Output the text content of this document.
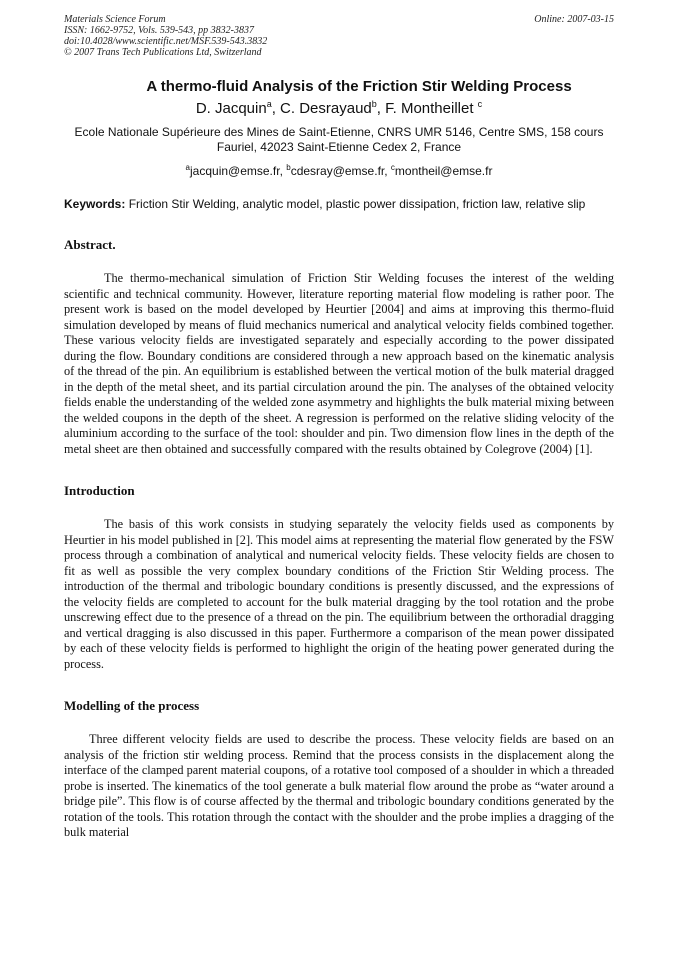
Materials Science Forum
ISSN: 1662-9752, Vols. 539-543, pp 3832-3837
doi:10.4028/www.scientific.net/MSF.539-543.3832
© 2007 Trans Tech Publications Ltd, Switzerland
Online: 2007-03-15
A thermo-fluid Analysis of the Friction Stir Welding Process
D. Jacquin$^a$, C. Desrayaud$^b$, F. Montheillet $^c$
Ecole Nationale Supérieure des Mines de Saint-Etienne, CNRS UMR 5146, Centre SMS, 158 cours Fauriel, 42023 Saint-Etienne Cedex 2, France
$^a$jacquin@emse.fr, $^b$cdesray@emse.fr, $^c$montheil@emse.fr
Keywords: Friction Stir Welding, analytic model, plastic power dissipation, friction law, relative slip
Abstract.

The thermo-mechanical simulation of Friction Stir Welding focuses the interest of the welding scientific and technical community. However, literature reporting material flow modeling is rather poor. The present work is based on the model developed by Heurtier [2004] and aims at improving this thermo-fluid simulation developed by means of fluid mechanics numerical and analytical velocity fields combined together. These various velocity fields are investigated separately and especially according to the power dissipated during the flow. Boundary conditions are considered through a new approach based on the kinematic analysis of the thread of the pin. An equilibrium is established between the vertical motion of the bulk material dragged in the depth of the metal sheet, and its partial circulation around the pin. The analyses of the obtained velocity fields enable the understanding of the welded zone asymmetry and highlights the bulk material mixing between the welded coupons in the depth of the sheet. A regression is performed on the relative sliding velocity of the aluminium according to the surface of the tool: shoulder and pin. Two dimension flow lines in the depth of the metal sheet are then obtained and successfully compared with the results obtained by Colegrove (2004) [1].

Introduction

The basis of this work consists in studying separately the velocity fields used as components by Heurtier in his model published in [2]. This model aims at representing the material flow generated by the FSW process through a combination of analytical and numerical velocity fields. These velocity fields are chosen to fit as well as possible the very complex boundary conditions of the Friction Stir Welding process. The introduction of the thermal and tribologic boundary conditions is presently discussed, and the expressions of the velocity fields are completed to account for the bulk material dragging by the tool rotation and the probe unscrewing effect due to the presence of a thread on the pin. The equilibrium between the orthoradial dragging and vertical dragging is also discussed in this paper. Furthermore a comparison of the mean power dissipated by each of these velocity fields is performed to highlight the origin of the heating power generated during the process.

Modelling of the process

Three different velocity fields are used to describe the process. These velocity fields are based on an analysis of the friction stir welding process. Remind that the process consists in the displacement along the interface of the clamped parent material coupons, of a rotative tool composed of a shoulder in which a threaded probe is inserted. The kinematics of the tool generate a bulk material flow around the probe as “water around a bridge pile”. This flow is of course affected by the thermal and tribologic boundary conditions generated by the rotation of the tools. This rotation through the contact with the shoulder and the probe implies a dragging of the bulk material
